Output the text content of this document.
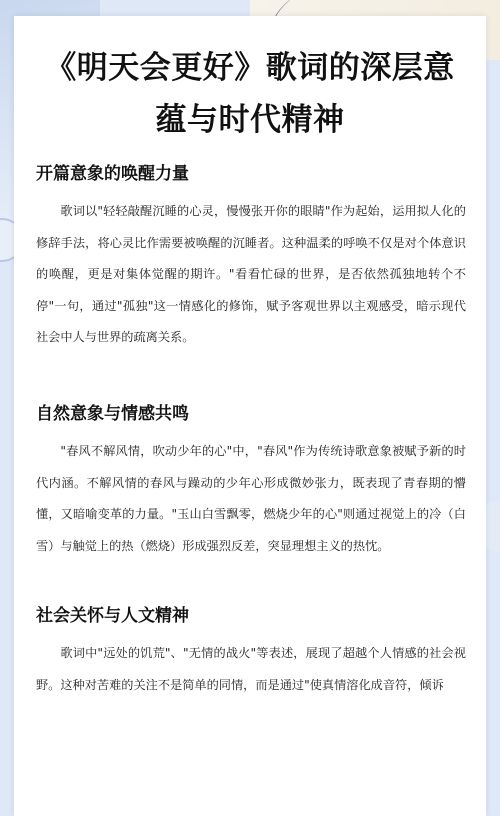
《明天会更好》歌词的深层意蕴与时代精神
开篇意象的唤醒力量

歌词以"轻轻敲醒沉睡的心灵，慢慢张开你的眼睛"作为起始，运用拟人化的修辞手法，将心灵比作需要被唤醒的沉睡者。这种温柔的呼唤不仅是对个体意识的唤醒，更是对集体觉醒的期许。"看看忙碌的世界，是否依然孤独地转个不停"一句，通过"孤独"这一情感化的修饰，赋予客观世界以主观感受，暗示现代社会中人与世界的疏离关系。

自然意象与情感共鸣

"春风不解风情，吹动少年的心"中，"春风"作为传统诗歌意象被赋予新的时代内涵。不解风情的春风与躁动的少年心形成微妙张力，既表现了青春期的懵懂，又暗喻变革的力量。"玉山白雪飘零，燃烧少年的心"则通过视觉上的冷（白雪）与触觉上的热（燃烧）形成强烈反差，突显理想主义的热忱。

社会关怀与人文精神

歌词中"远处的饥荒"、"无情的战火"等表述，展现了超越个人情感的社会视野。这种对苦难的关注不是简单的同情，而是通过"使真情溶化成音符，倾诉
